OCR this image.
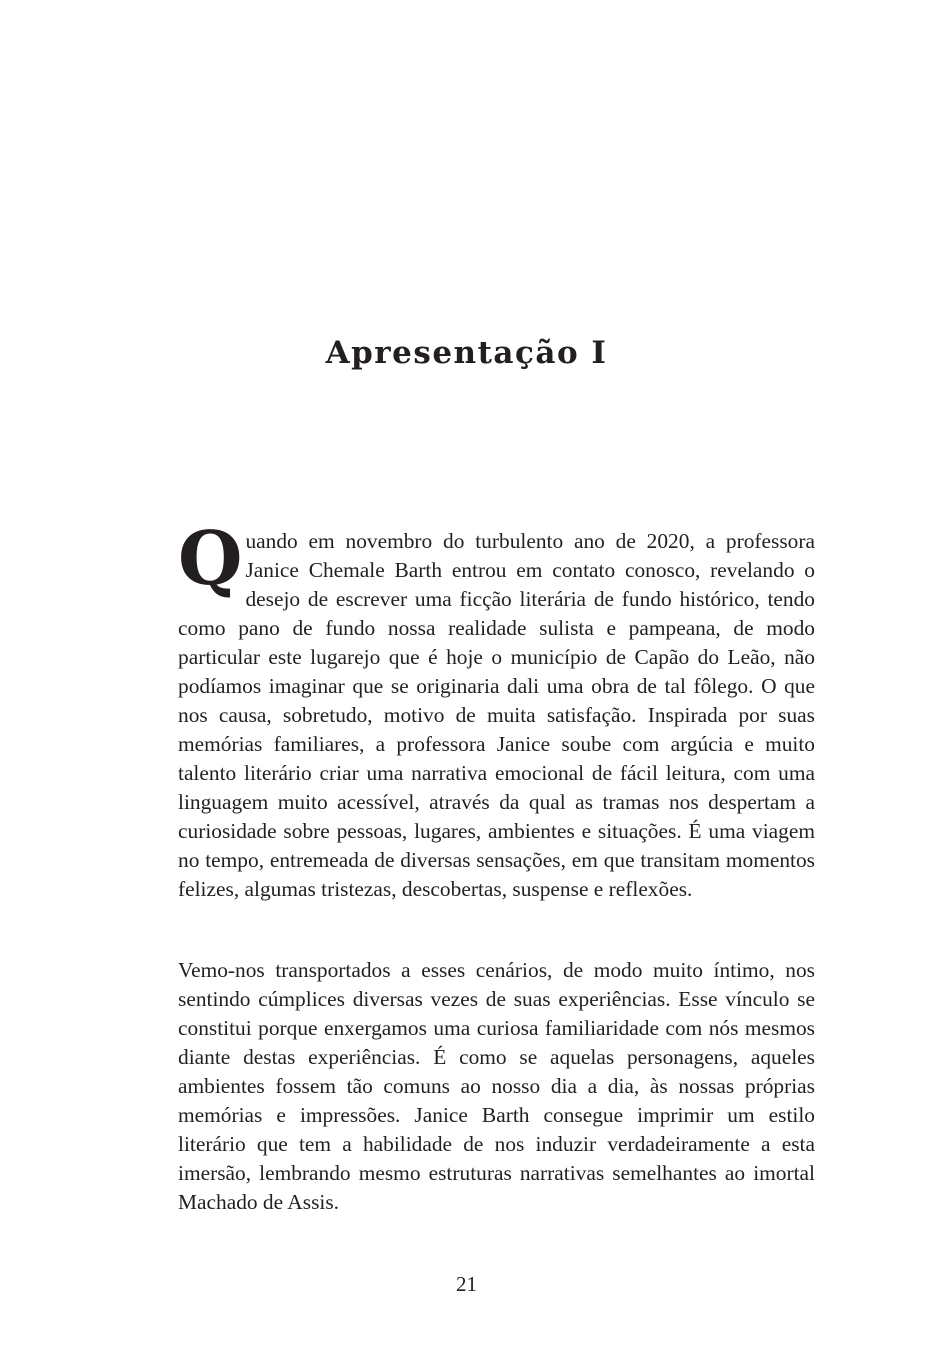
Apresentação I

Quando em novembro do turbulento ano de 2020, a professora Janice Chemale Barth entrou em contato conosco, revelando o desejo de escrever uma ficção literária de fundo histórico, tendo como pano de fundo nossa realidade sulista e pampeana, de modo particular este lugarejo que é hoje o município de Capão do Leão, não podíamos imaginar que se originaria dali uma obra de tal fôlego. O que nos causa, sobretudo, motivo de muita satisfação. Inspirada por suas memórias familiares, a professora Janice soube com argúcia e muito talento literário criar uma narrativa emocional de fácil leitura, com uma linguagem muito acessível, através da qual as tramas nos despertam a curiosidade sobre pessoas, lugares, ambientes e situações. É uma viagem no tempo, entremeada de diversas sensações, em que transitam momentos felizes, algumas tristezas, descobertas, suspense e reflexões.

Vemo-nos transportados a esses cenários, de modo muito íntimo, nos sentindo cúmplices diversas vezes de suas experiências. Esse vínculo se constitui porque enxergamos uma curiosa familiaridade com nós mesmos diante destas experiências. É como se aquelas personagens, aqueles ambientes fossem tão comuns ao nosso dia a dia, às nossas próprias memórias e impressões. Janice Barth consegue imprimir um estilo literário que tem a habilidade de nos induzir verdadeiramente a esta imersão, lembrando mesmo estruturas narrativas semelhantes ao imortal Machado de Assis.

21
